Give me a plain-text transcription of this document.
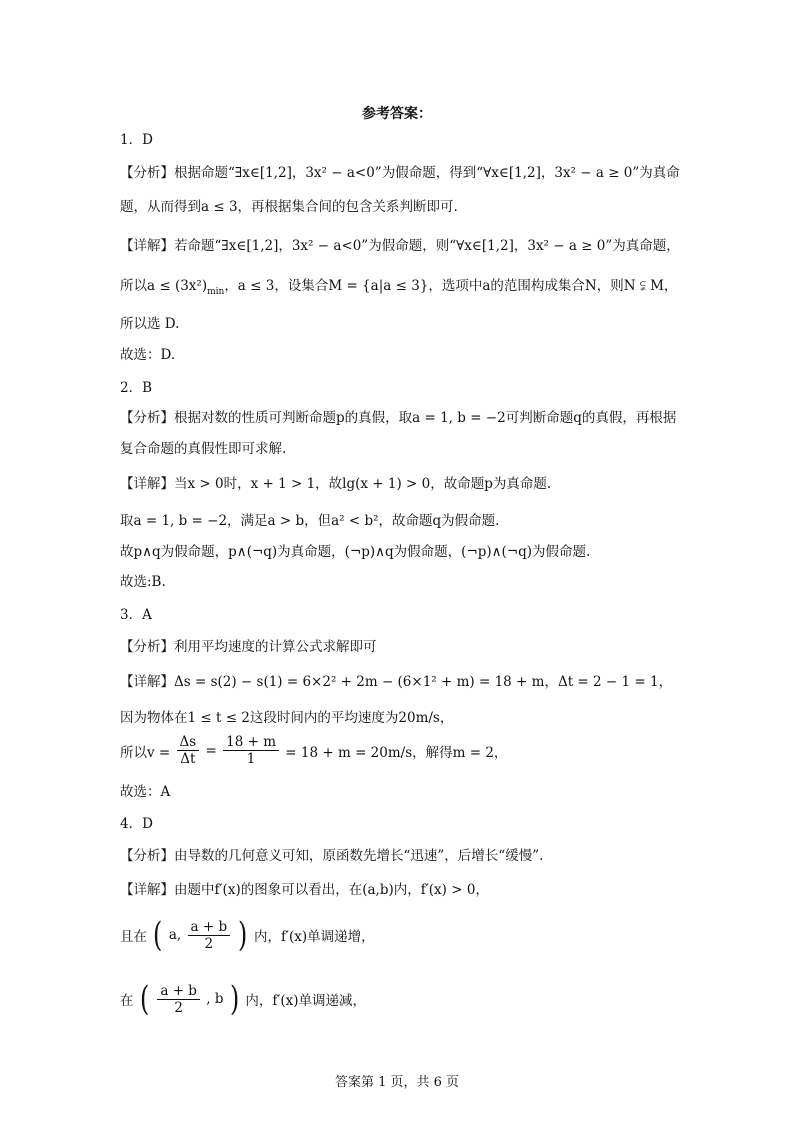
参考答案：
1．D
【分析】根据命题“∃x∈[1,2]，3x² − a<0”为假命题，得到“∀x∈[1,2]，3x² − a ≥ 0”为真命
题，从而得到a ≤ 3，再根据集合间的包含关系判断即可.
【详解】若命题“∃x∈[1,2]，3x² − a<0”为假命题，则“∀x∈[1,2]，3x² − a ≥ 0”为真命题，
所以$a \le (3x^2)_{min}$，a ≤ 3，设集合M = {a|a ≤ 3}，选项中a的范围构成集合N，则N ⫋ M，
所以选 D.
故选：D.
2．B
【分析】根据对数的性质可判断命题p的真假，取a = 1, b = −2可判断命题q的真假，再根据
复合命题的真假性即可求解.
【详解】当x > 0时，x + 1 > 1，故lg(x + 1) > 0，故命题p为真命题.
取a = 1, b = −2，满足a > b，但a² < b²，故命题q为假命题.
故p∧q为假命题，p∧(¬q)为真命题，(¬p)∧q为假命题，(¬p)∧(¬q)为假命题.
故选:B.
3．A
【分析】利用平均速度的计算公式求解即可
【详解】Δs = s(2) − s(1) = 6×2² + 2m − (6×1² + m) = 18 + m，Δt = 2 − 1 = 1，
因为物体在1 ≤ t ≤ 2这段时间内的平均速度为20m/s，
所以$v = \frac{\Delta s}{\Delta t} = \frac{18 + m}{1} = 18 + m = 20m/s$，解得m = 2，
故选：A
4．D
【分析】由导数的几何意义可知，原函数先增长“迅速”，后增长“缓慢”.
【详解】由题中f′(x)的图象可以看出，在(a,b)内，f′(x) > 0，
且在 ( a, $\frac{a + b}{2}$ ) 内，f′(x)单调递增，
在 ( $\frac{a + b}{2}$ , b ) 内，f′(x)单调递减，
答案第 1 页，共 6 页
